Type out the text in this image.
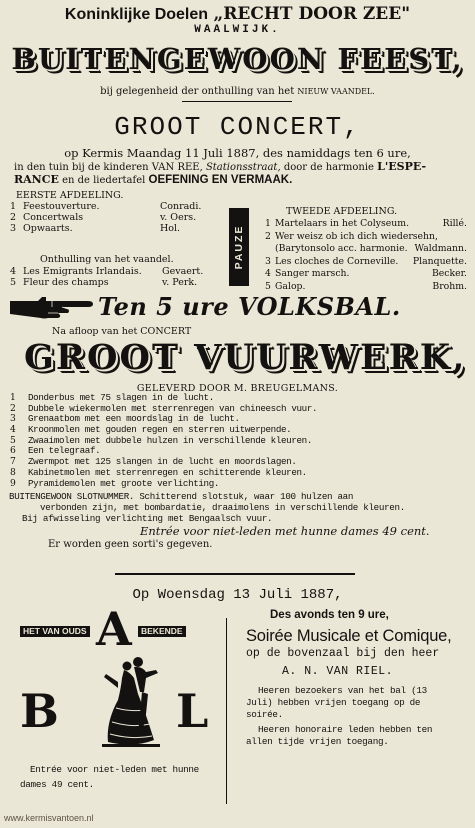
Koninklijke Doelen „RECHT DOOR ZEE"
WAALWIJK.
BUITENGEWOON FEEST,
bij gelegenheid der onthulling van het NIEUW VAANDEL.
GROOT CONCERT,
op Kermis Maandag 11 Juli 1887, des namiddags ten 6 ure,
in den tuin bij de kinderen VAN REE, Stationsstraat, door de harmonie L'ESPE-
RANCE en de liedertafel OEFENING EN VERMAAK.
EERSTE AFDEELING.
1 Feestouverture.	Conradi.
2 Concertwals	v. Oers.
3 Opwaarts.	Hol.
4 Les Emigrants Irlandais. Gevaert.
5 Fleur des champs	v. Perk.
Onthulling van het vaandel.	PAUZE
TWEEDE AFDEELING.
1 Martelaars in het Colyseum.	Rillé.
2 Wer weisz ob ich dich wiedersehn,
(Barytonsolo acc. harmonie. Waldmann.
3 Les cloches de Corneville. Planquette.
4 Sanger marsch.	Becker.
5 Galop.	Brohm.
Ten 5 ure VOLKSBAL.
Na afloop van het CONCERT
GROOT VUURWERK,
GELEVERD DOOR M. BREUGELMANS.
1 Donderbus met 75 slagen in de lucht.
2 Dubbele wiekermolen met sterrenregen van chineesch vuur.
3 Grenaatbom met een moordslag in de lucht.
4 Kroonmolen met gouden regen en sterren uitwerpende.
5 Zwaaimolen met dubbele hulzen in verschillende kleuren.
6 Een telegraaf.
7 Zwermpot met 125 slangen in de lucht en moordslagen.
8 Kabinetmolen met sterrenregen en schitterende kleuren.
9 Pyramidemolen met groote verlichting.
BUITENGEWOON SLOTNUMMER. Schitterend slotstuk, waar 100 hulzen aan
verbonden zijn, met bombardatie, draaimolens in verschillende kleuren.
Bij afwisseling verlichting met Bengaalsch vuur.
Entrée voor niet-leden met hunne dames 49 cent.
Er worden geen sorti's gegeven.
Op Woensdag 13 Juli 1887,
HET VAN OUDS	BEKENDE
A
B	L
Entrée voor niet-leden met hunne
dames 49 cent.
Des avonds ten 9 ure,
Soirée Musicale et Comique,
op de bovenzaal bij den heer
A. N. VAN RIEL.
Heeren bezoekers van het bal (13
Juli) hebben vrijen toegang op de
soirée.
Heeren honoraire leden hebben ten
allen tijde vrijen toegang.
www.kermisvantoen.nl
